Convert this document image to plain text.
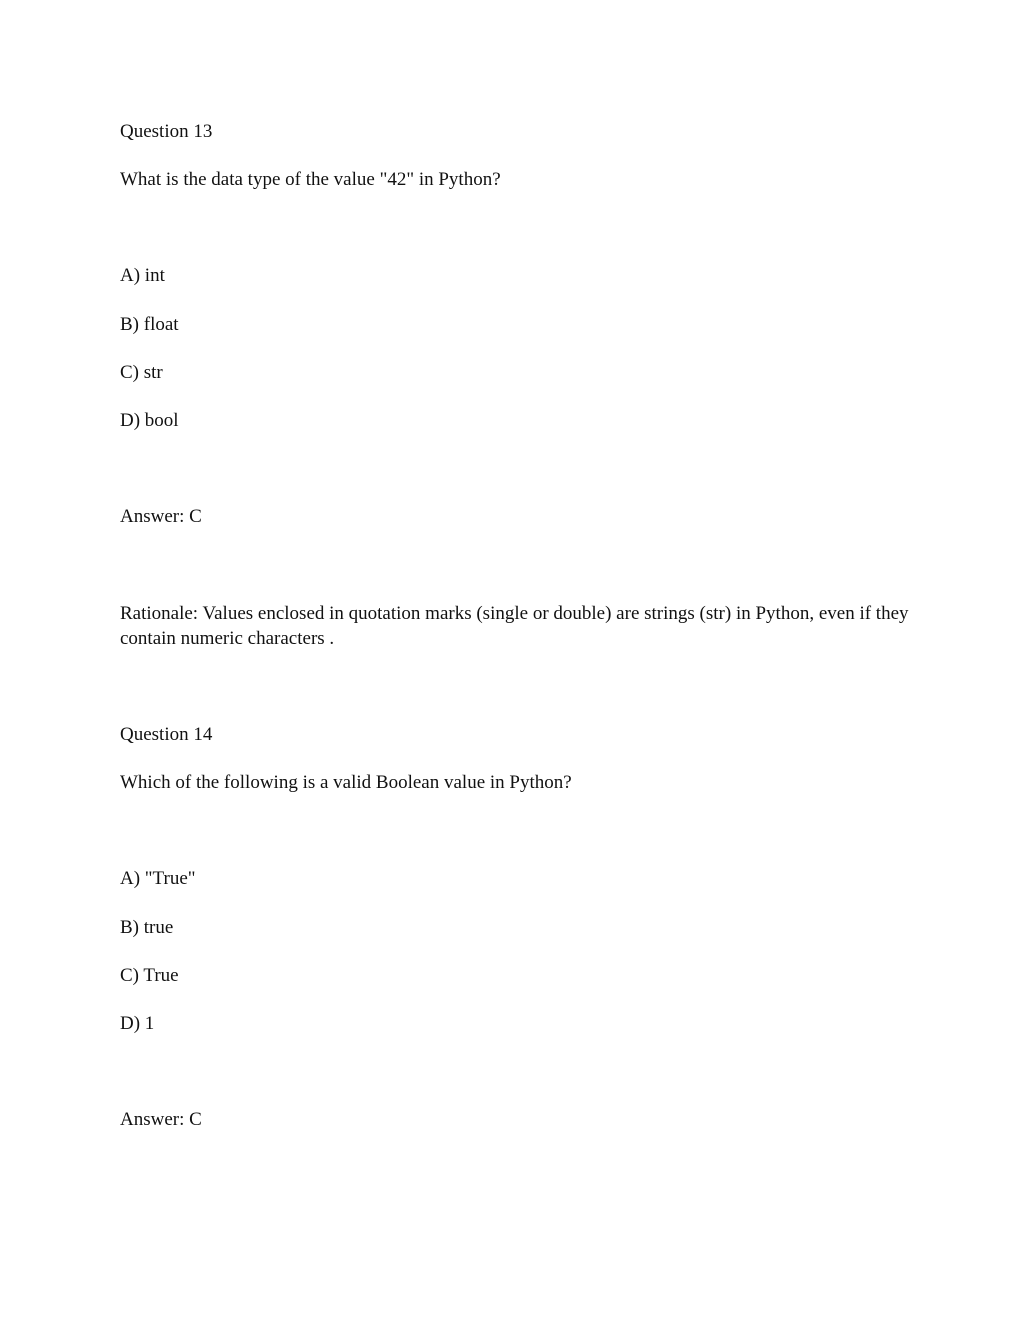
Question 13
What is the data type of the value "42" in Python?
A) int
B) float
C) str
D) bool
Answer: C
Rationale: Values enclosed in quotation marks (single or double) are strings (str) in Python, even if they contain numeric characters .
Question 14
Which of the following is a valid Boolean value in Python?
A) "True"
B) true
C) True
D) 1
Answer: C
